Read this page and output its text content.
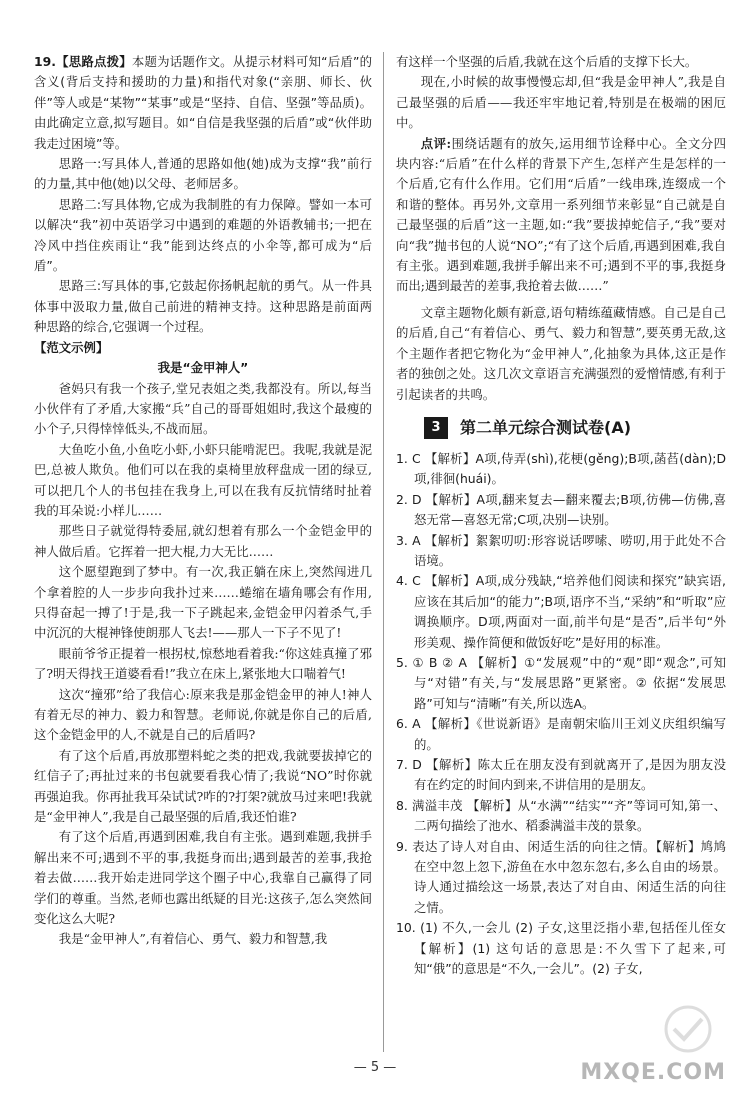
19.【思路点拨】本题为话题作文。从提示材料可知“后盾”的含义(背后支持和援助的力量)和指代对象(“亲朋、师长、伙伴”等人或是“某物”“某事”或是“坚持、自信、坚强”等品质)。由此确定立意,拟写题目。如“自信是我坚强的后盾”或“伙伴助我走过困境”等。

思路一:写具体人,普通的思路如他(她)成为支撑“我”前行的力量,其中他(她)以父母、老师居多。

思路二:写具体物,它成为我制胜的有力保障。譬如一本可以解决“我”初中英语学习中遇到的难题的外语教辅书;一把在冷风中挡住疾雨让“我”能到达终点的小伞等,都可成为“后盾”。

思路三:写具体的事,它鼓起你扬帆起航的勇气。从一件具体事中汲取力量,做自己前进的精神支持。这种思路是前面两种思路的综合,它强调一个过程。

【范文示例】

我是“金甲神人”

爸妈只有我一个孩子,堂兄表姐之类,我都没有。所以,每当小伙伴有了矛盾,大家搬“兵”自己的哥哥姐姐时,我这个最瘦的小个子,只得悻悻低头,不战而屈。

大鱼吃小鱼,小鱼吃小虾,小虾只能啃泥巴。我呢,我就是泥巴,总被人欺负。他们可以在我的桌椅里放秤盘成一团的绿豆,可以把几个人的书包挂在我身上,可以在我有反抗情绪时扯着我的耳朵说:小样儿……

那些日子就觉得特委屈,就幻想着有那么一个金铠金甲的神人做后盾。它挥着一把大棍,力大无比……

这个愿望跑到了梦中。有一次,我正躺在床上,突然闯进几个拿着腔的人一步步向我扑过来……蜷缩在墙角哪会有作用,只得奋起一搏了!于是,我一下子跳起来,金铠金甲闪着杀气,手中沉沉的大棍神锋使朗那人飞去!——那人一下子不见了!

眼前爷爷正提着一根拐杖,惊愁地看着我:“你这娃真撞了邪了?明天得找王道婆看看!”我立在床上,紧张地大口喘着气!

这次“撞邪”给了我信心:原来我是那金铠金甲的神人!神人有着无尽的神力、毅力和智慧。老师说,你就是你自己的后盾,这个金铠金甲的人,不就是自己的后盾吗?

有了这个后盾,再放那塑料蛇之类的把戏,我就要拔掉它的红信子了;再扯过来的书包就要看我心情了;我说“NO”时你就再强迫我。你再扯我耳朵试试?咋的?打架?就放马过来吧!我就是“金甲神人”,我是自己最坚强的后盾,我还怕谁?

有了这个后盾,再遇到困难,我自有主张。遇到难题,我拼手解出来不可;遇到不平的事,我挺身而出;遇到最苦的差事,我抢着去做……我开始走进同学这个圈子中心,我靠自己赢得了同学们的尊重。当然,老师也露出纸疑的目光:这孩子,怎么突然间变化这么大呢?

我是“金甲神人”,有着信心、勇气、毅力和智慧,我

有这样一个坚强的后盾,我就在这个后盾的支撑下长大。

现在,小时候的故事慢慢忘却,但“我是金甲神人”,我是自己最坚强的后盾——我还牢牢地记着,特别是在极端的困厄中。

点评:围绕话题有的放矢,运用细节诠释中心。全文分四块内容:“后盾”在什么样的背景下产生,怎样产生是怎样的一个后盾,它有什么作用。它们用“后盾”一线串珠,连缀成一个和谐的整体。再另外,文章用一系列细节来彰显“自己就是自己最坚强的后盾”这一主题,如:“我”要拔掉蛇信子,“我”要对向“我”抛书包的人说“NO”;“有了这个后盾,再遇到困难,我自有主张。遇到难题,我拼手解出来不可;遇到不平的事,我挺身而出;遇到最苦的差事,我抢着去做……”

文章主题物化颇有新意,语句精练蕴藏情感。自己是自己的后盾,自己“有着信心、勇气、毅力和智慧”,要英勇无敌,这个主题作者把它物化为“金甲神人”,化抽象为具体,这正是作者的独创之处。这几次文章语言充满强烈的爱憎情感,有利于引起读者的共鸣。

3	第二单元综合测试卷(A)

1. C 【解析】A项,侍弄(shì),花梗(gěng);B项,菡萏(dàn);D项,徘徊(huái)。

2. D 【解析】A项,翻来复去—翻来覆去;B项,彷佛—仿佛,喜怒无常—喜怒无常;C项,决别—诀别。

3. A 【解析】絮絮叨叨:形容说话啰嗦、唠叨,用于此处不合语境。

4. C 【解析】A项,成分残缺,“培养他们阅读和探究”缺宾语,应该在其后加“的能力”;B项,语序不当,“采纳”和“听取”应调换顺序。D项,两面对一面,前半句是“是否”,后半句“外形美观、操作简便和做饭好吃”是好用的标准。

5. ① B ② A 【解析】①“发展观”中的“观”即“观念”,可知与“对错”有关,与“发展思路”更紧密。② 依据“发展思路”可知与“清晰”有关,所以选A。

6. A 【解析】《世说新语》是南朝宋临川王刘义庆组织编写的。

7. D 【解析】陈太丘在朋友没有到就离开了,是因为朋友没有在约定的时间内到来,不讲信用的是朋友。

8. 满溢丰茂 【解析】从“水满”“结实”“齐”等词可知,第一、二两句描绘了池水、稻黍满溢丰茂的景象。

9. 表达了诗人对自由、闲适生活的向往之情。【解析】鸠鸠在空中忽上忽下,游鱼在水中忽东忽右,多么自由的场景。诗人通过描绘这一场景,表达了对自由、闲适生活的向往之情。

10. (1) 不久,一会儿 (2) 子女,这里泛指小辈,包括侄儿侄女 【解析】(1) 这句话的意思是:不久雪下了起来,可知“俄”的意思是“不久,一会儿”。(2) 子女,

— 5 —	MXQE.COM
